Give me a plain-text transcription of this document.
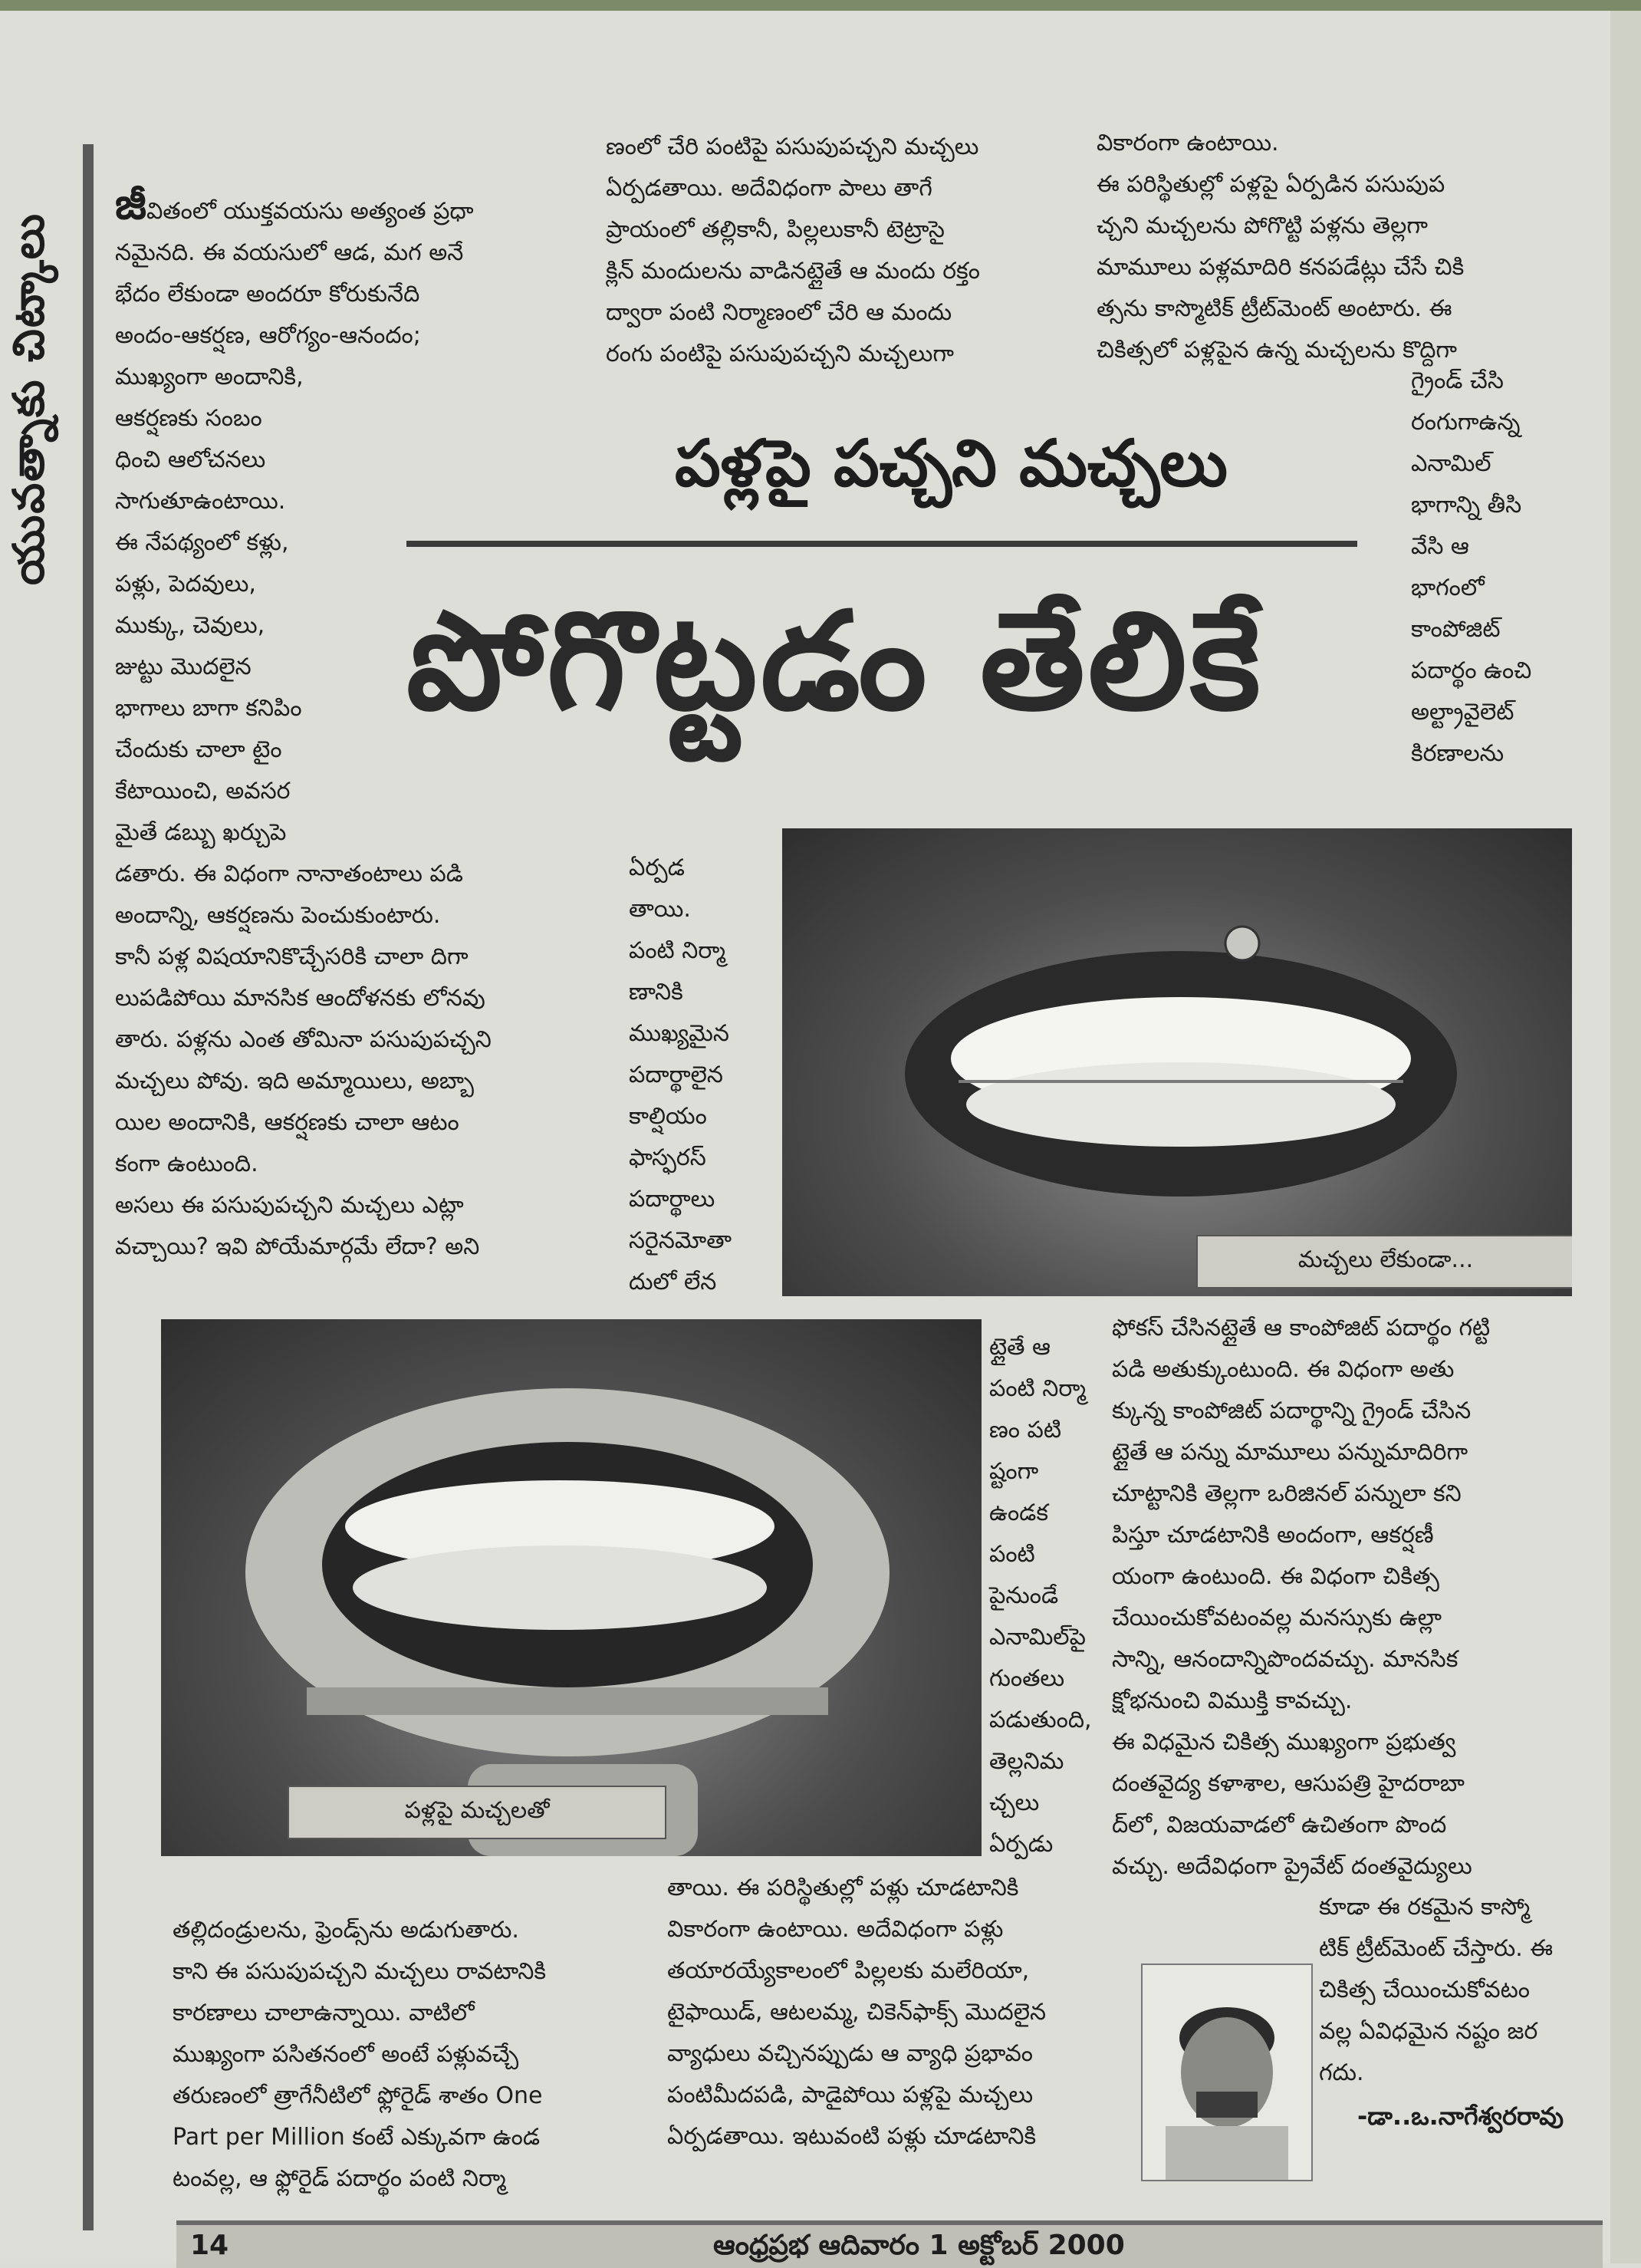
యువత్నాకు చిట్కాలు

జీవితంలో యుక్తవయసు అత్యంత ప్రధా

నమైనది. ఈ వయసులో ఆడ, మగ అనే

భేదం లేకుండా అందరూ కోరుకునేది

అందం-ఆకర్షణ, ఆరోగ్యం-ఆనందం;

ముఖ్యంగా అందానికి,

ఆకర్షణకు సంబం

ధించి ఆలోచనలు

సాగుతూఉంటాయి.

ఈ నేపథ్యంలో కళ్లు,

పళ్లు, పెదవులు,

ముక్కు, చెవులు,

జుట్టు మొదలైన

భాగాలు బాగా కనిపిం

చేందుకు చాలా టైం

కేటాయించి, అవసర

మైతే డబ్బు ఖర్చుపె

డతారు. ఈ విధంగా నానాతంటాలు పడి

అందాన్ని, ఆకర్షణను పెంచుకుంటారు.

కానీ పళ్ల విషయానికొచ్చేసరికి చాలా దిగా

లుపడిపోయి మానసిక ఆందోళనకు లోనవు

తారు. పళ్లను ఎంత తోమినా పసుపుపచ్చని

మచ్చలు పోవు. ఇది అమ్మాయిలు, అబ్బా

యిల అందానికి, ఆకర్షణకు చాలా ఆటం

కంగా ఉంటుంది.

అసలు ఈ పసుపుపచ్చని మచ్చలు ఎట్లా

వచ్చాయి? ఇవి పోయేమార్గమే లేదా? అని

ణంలో చేరి పంటిపై పసుపుపచ్చని మచ్చలు

ఏర్పడతాయి. అదేవిధంగా పాలు తాగే

ప్రాయంలో తల్లికానీ, పిల్లలుకానీ టెట్రాసై

క్లిన్ మందులను వాడినట్లైతే ఆ మందు రక్తం

ద్వారా పంటి నిర్మాణంలో చేరి ఆ మందు

రంగు పంటిపై పసుపుపచ్చని మచ్చలుగా

వికారంగా ఉంటాయి.

ఈ పరిస్థితుల్లో పళ్లపై ఏర్పడిన పసుపుప

చ్చని మచ్చలను పోగొట్టి పళ్లను తెల్లగా

మామూలు పళ్లమాదిరి కనపడేట్లు చేసే చికి

త్సను కాస్మొటిక్ ట్రీట్‌మెంట్ అంటారు. ఈ

చికిత్సలో పళ్లపైన ఉన్న మచ్చలను కొద్దిగా

గ్రైండ్ చేసి

రంగుగాఉన్న

ఎనామిల్

భాగాన్ని తీసి

వేసి ఆ

భాగంలో

కాంపోజిట్

పదార్థం ఉంచి

అల్ట్రావైలెట్

కిరణాలను

పళ్లపై పచ్చని మచ్చలు
పోగొట్టడం తేలికే

ఏర్పడ

తాయి.

పంటి నిర్మా

ణానికి

ముఖ్యమైన

పదార్థాలైన

కాల్షియం

ఫాస్ఫరస్

పదార్థాలు

సరైనమోతా

దులో లేన

మచ్చలు లేకుండా...
పళ్లపై మచ్చలతో

ట్లైతే ఆ

పంటి నిర్మా

ణం పటి

ష్టంగా

ఉండక

పంటి

పైనుండే

ఎనామిల్‌పై

గుంతలు

పడుతుంది,

తెల్లనిమ

చ్చలు

ఏర్పడు

ఫోకస్ చేసినట్లైతే ఆ కాంపోజిట్ పదార్థం గట్టి

పడి అతుక్కుంటుంది. ఈ విధంగా అతు

క్కున్న కాంపోజిట్ పదార్థాన్ని గ్రైండ్ చేసిన

ట్లైతే ఆ పన్ను మామూలు పన్నుమాదిరిగా

చూట్టానికి తెల్లగా ఒరిజినల్ పన్నులా కని

పిస్తూ చూడటానికి అందంగా, ఆకర్షణీ

యంగా ఉంటుంది. ఈ విధంగా చికిత్స

చేయించుకోవటంవల్ల మనస్సుకు ఉల్లా

సాన్ని, ఆనందాన్నిపొందవచ్చు. మానసిక

క్షోభనుంచి విముక్తి కావచ్చు.

ఈ విధమైన చికిత్స ముఖ్యంగా ప్రభుత్వ

దంతవైద్య కళాశాల, ఆసుపత్రి హైదరాబా

ద్‌లో, విజయవాడలో ఉచితంగా పొంద

వచ్చు. అదేవిధంగా ప్రైవేట్ దంతవైద్యులు

కూడా ఈ రకమైన కాస్మో

టిక్ ట్రీట్‌మెంట్ చేస్తారు. ఈ

చికిత్స చేయించుకోవటం

వల్ల ఏవిధమైన నష్టం జర

గదు.

తల్లిదండ్రులను, ఫ్రెండ్స్‌ను అడుగుతారు.

కాని ఈ పసుపుపచ్చని మచ్చలు రావటానికి

కారణాలు చాలాఉన్నాయి. వాటిలో

ముఖ్యంగా పసితనంలో అంటే పళ్లువచ్చే

తరుణంలో త్రాగేనీటిలో ఫ్లోరైడ్ శాతం One

Part per Million కంటే ఎక్కువగా ఉండ

టంవల్ల, ఆ ఫ్లోరైడ్ పదార్థం పంటి నిర్మా

తాయి. ఈ పరిస్థితుల్లో పళ్లు చూడటానికి

వికారంగా ఉంటాయి. అదేవిధంగా పళ్లు

తయారయ్యేకాలంలో పిల్లలకు మలేరియా,

టైఫాయిడ్, ఆటలమ్మ, చికెన్‌ఫాక్స్ మొదలైన

వ్యాధులు వచ్చినప్పుడు ఆ వ్యాధి ప్రభావం

పంటిమీదపడి, పాడైపోయి పళ్లపై మచ్చలు

ఏర్పడతాయి. ఇటువంటి పళ్లు చూడటానికి

-డా..ఒ.నాగేశ్వరరావు
14	ఆంధ్రప్రభ ఆదివారం 1 అక్టోబర్ 2000
